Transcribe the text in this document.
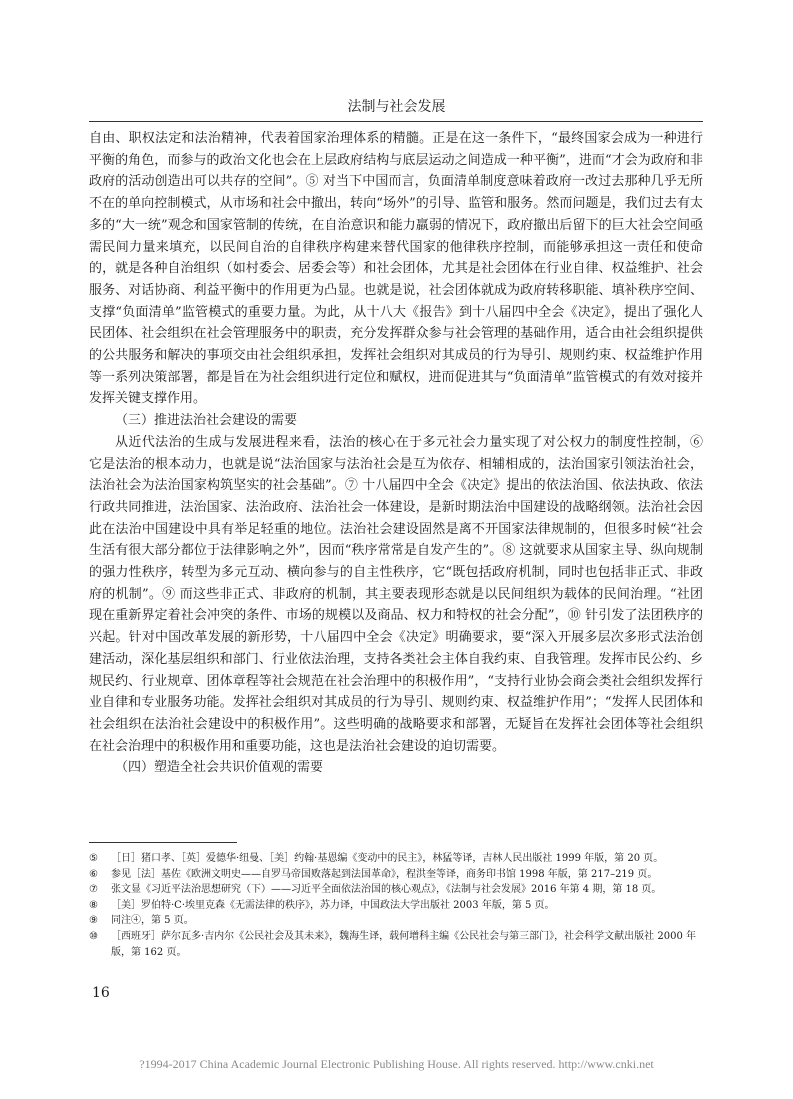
法制与社会发展

自由、职权法定和法治精神，代表着国家治理体系的精髓。正是在这一条件下，“最终国家会成为一种进行平衡的角色，而参与的政治文化也会在上层政府结构与底层运动之间造成一种平衡”，进而“才会为政府和非政府的活动创造出可以共存的空间”。⑤ 对当下中国而言，负面清单制度意味着政府一改过去那种几乎无所不在的单向控制模式，从市场和社会中撤出，转向“场外”的引导、监管和服务。然而问题是，我们过去有太多的“大一统”观念和国家管制的传统，在自治意识和能力羸弱的情况下，政府撤出后留下的巨大社会空间亟需民间力量来填充，以民间自治的自律秩序构建来替代国家的他律秩序控制，而能够承担这一责任和使命的，就是各种自治组织（如村委会、居委会等）和社会团体，尤其是社会团体在行业自律、权益维护、社会服务、对话协商、利益平衡中的作用更为凸显。也就是说，社会团体就成为政府转移职能、填补秩序空间、支撑“负面清单”监管模式的重要力量。为此，从十八大《报告》到十八届四中全会《决定》，提出了强化人民团体、社会组织在社会管理服务中的职责，充分发挥群众参与社会管理的基础作用，适合由社会组织提供的公共服务和解决的事项交由社会组织承担，发挥社会组织对其成员的行为导引、规则约束、权益维护作用等一系列决策部署，都是旨在为社会组织进行定位和赋权，进而促进其与“负面清单”监管模式的有效对接并发挥关键支撑作用。

（三）推进法治社会建设的需要

从近代法治的生成与发展进程来看，法治的核心在于多元社会力量实现了对公权力的制度性控制，⑥ 它是法治的根本动力，也就是说“法治国家与法治社会是互为依存、相辅相成的，法治国家引领法治社会，法治社会为法治国家构筑坚实的社会基础”。⑦ 十八届四中全会《决定》提出的依法治国、依法执政、依法行政共同推进，法治国家、法治政府、法治社会一体建设，是新时期法治中国建设的战略纲领。法治社会因此在法治中国建设中具有举足轻重的地位。法治社会建设固然是离不开国家法律规制的，但很多时候“社会生活有很大部分都位于法律影响之外”，因而“秩序常常是自发产生的”。⑧ 这就要求从国家主导、纵向规制的强力性秩序，转型为多元互动、横向参与的自主性秩序，它“既包括政府机制，同时也包括非正式、非政府的机制”。⑨ 而这些非正式、非政府的机制，其主要表现形态就是以民间组织为载体的民间治理。“社团现在重新界定着社会冲突的条件、市场的规模以及商品、权力和特权的社会分配”，⑩ 针引发了法团秩序的兴起。针对中国改革发展的新形势，十八届四中全会《决定》明确要求，要“深入开展多层次多形式法治创建活动，深化基层组织和部门、行业依法治理，支持各类社会主体自我约束、自我管理。发挥市民公约、乡规民约、行业规章、团体章程等社会规范在社会治理中的积极作用”，“支持行业协会商会类社会组织发挥行业自律和专业服务功能。发挥社会组织对其成员的行为导引、规则约束、权益维护作用”；“发挥人民团体和社会组织在法治社会建设中的积极作用”。这些明确的战略要求和部署，无疑旨在发挥社会团体等社会组织在社会治理中的积极作用和重要功能，这也是法治社会建设的迫切需要。

（四）塑造全社会共识价值观的需要

⑤	［日］猪口孝、［英］爱德华·纽曼、［美］约翰·基恩编《变动中的民主》，林猛等译，吉林人民出版社 1999 年版，第 20 页。
⑥	参见［法］基佐《欧洲文明史——自罗马帝国败落起到法国革命》，程洪奎等译，商务印书馆 1998 年版，第 217–219 页。
⑦	张文显《习近平法治思想研究（下）——习近平全面依法治国的核心观点》，《法制与社会发展》2016 年第 4 期，第 18 页。
⑧	［美］罗伯特·C·埃里克森《无需法律的秩序》，苏力译，中国政法大学出版社 2003 年版，第 5 页。
⑨	同注④，第 5 页。
⑩	［西班牙］萨尔瓦多·吉内尔《公民社会及其未来》，魏海生译，载何增科主编《公民社会与第三部门》，社会科学文献出版社 2000 年版，第 162 页。
16
?1994-2017 China Academic Journal Electronic Publishing House. All rights reserved. http://www.cnki.net
